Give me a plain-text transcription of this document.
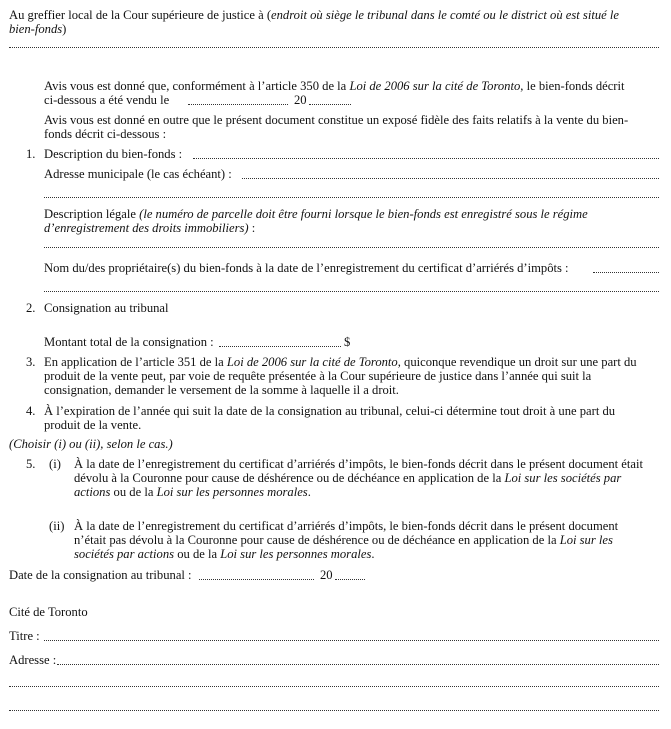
Au greffier local de la Cour supérieure de justice à (endroit où siège le tribunal dans le comté ou le district où est situé le
bien-fonds)
Avis vous est donné que, conformément à l’article 350 de la Loi de 2006 sur la cité de Toronto, le bien-fonds décrit
ci-dessous a été vendu le	20
Avis vous est donné en outre que le présent document constitue un exposé fidèle des faits relatifs à la vente du bien-
fonds décrit ci-dessous :
1. Description du bien-fonds :
Adresse municipale (le cas échéant) :
Description légale (le numéro de parcelle doit être fourni lorsque le bien-fonds est enregistré sous le régime
d’enregistrement des droits immobiliers) :
Nom du/des propriétaire(s) du bien-fonds à la date de l’enregistrement du certificat d’arriérés d’impôts :
2. Consignation au tribunal
Montant total de la consignation :	$
3. En application de l’article 351 de la Loi de 2006 sur la cité de Toronto, quiconque revendique un droit sur une part du
produit de la vente peut, par voie de requête présentée à la Cour supérieure de justice dans l’année qui suit la
consignation, demander le versement de la somme à laquelle il a droit.
4. À l’expiration de l’année qui suit la date de la consignation au tribunal, celui-ci détermine tout droit à une part du
produit de la vente.
(Choisir (i) ou (ii), selon le cas.)
5. (i) À la date de l’enregistrement du certificat d’arriérés d’impôts, le bien-fonds décrit dans le présent document était
dévolu à la Couronne pour cause de déshérence ou de déchéance en application de la Loi sur les sociétés par
actions ou de la Loi sur les personnes morales.
(ii) À la date de l’enregistrement du certificat d’arriérés d’impôts, le bien-fonds décrit dans le présent document
n’était pas dévolu à la Couronne pour cause de déshérence ou de déchéance en application de la Loi sur les
sociétés par actions ou de la Loi sur les personnes morales.
Date de la consignation au tribunal :	20
Cité de Toronto
Titre :
Adresse :
